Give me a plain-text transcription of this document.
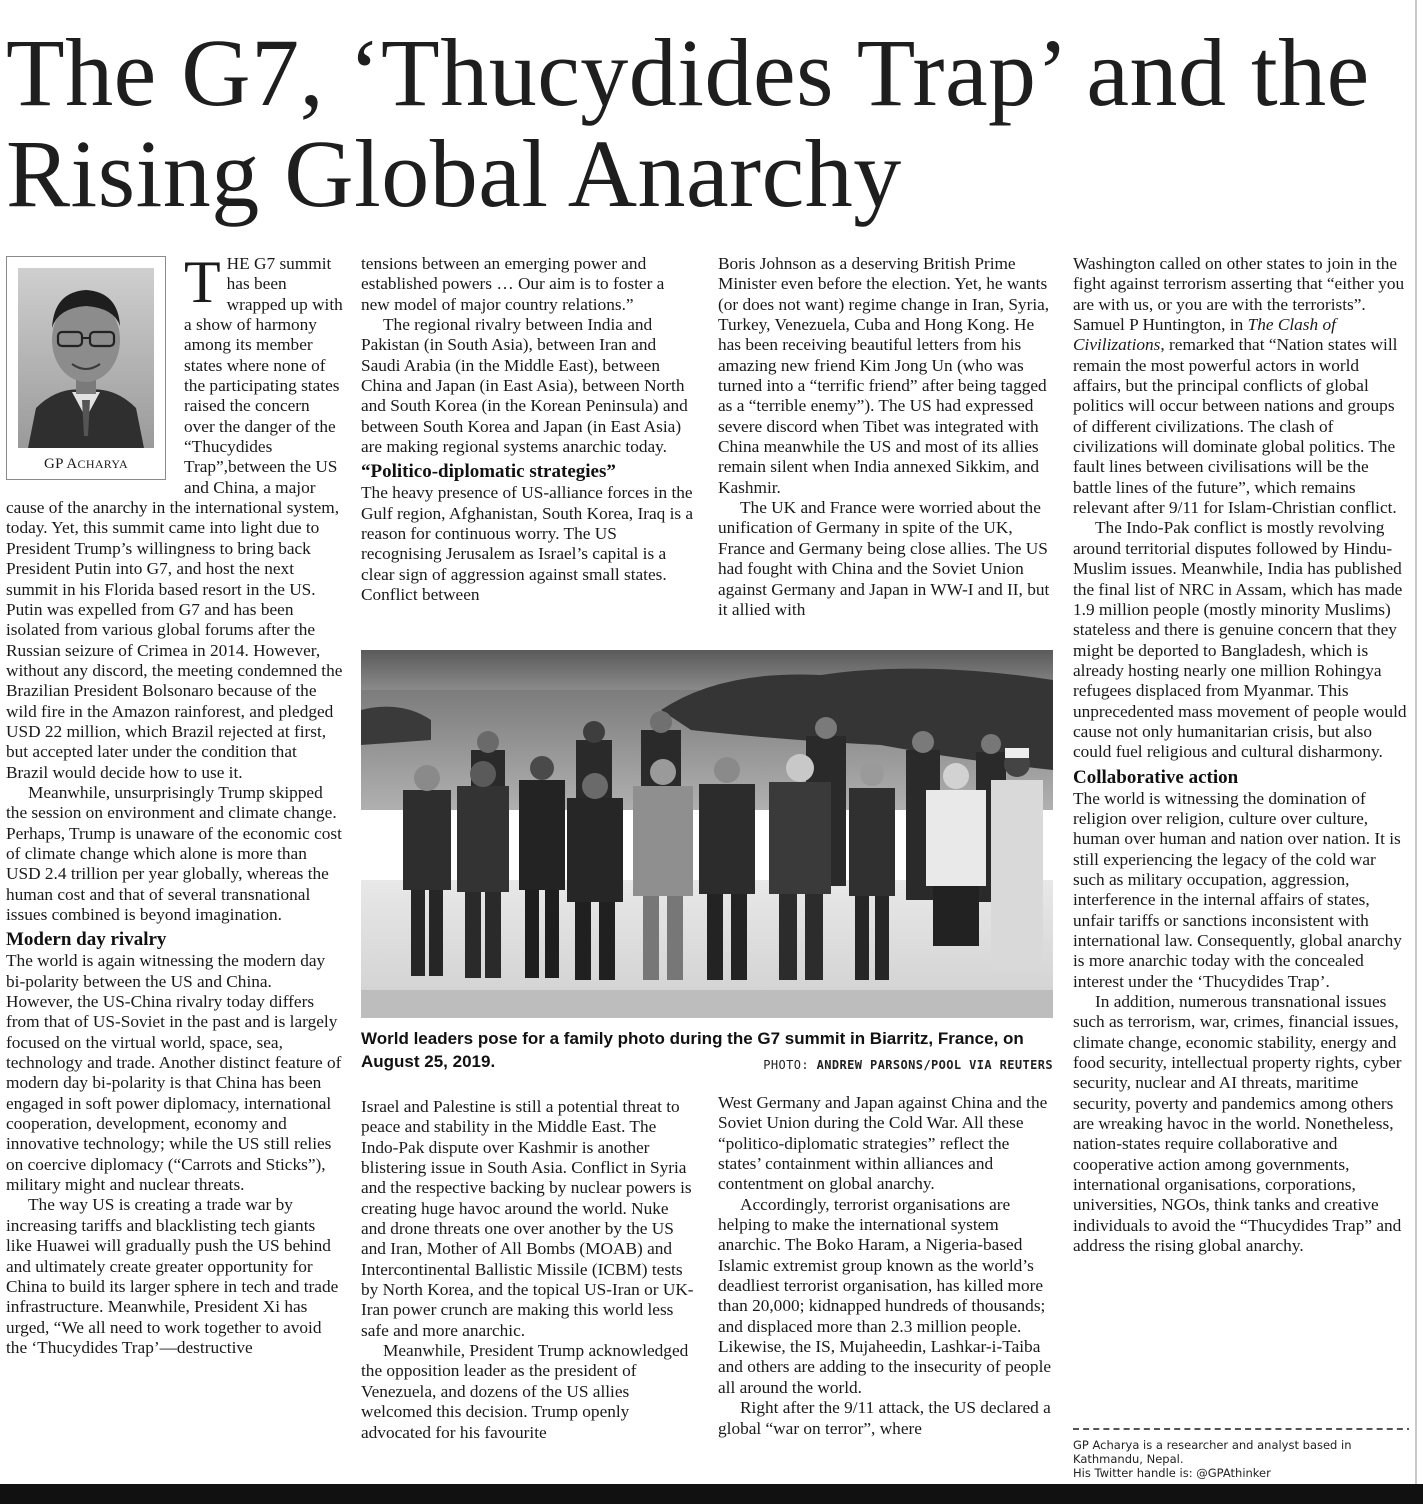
The G7, ‘Thucydides Trap’ and the
Rising Global Anarchy
GP ACHARYA
T HE G7 summit has been wrapped up with a show of harmony among its member states where none of the participating states raised the concern over the danger of the “Thucydides Trap”,between the US and China, a major cause of the anarchy in the international system, today. Yet, this summit came into light due to President Trump’s willingness to bring back President Putin into G7, and host the next summit in his Florida based resort in the US. Putin was expelled from G7 and has been isolated from various global forums after the Russian seizure of Crimea in 2014. However, without any discord, the meeting condemned the Brazilian President Bolsonaro because of the wild fire in the Amazon rainforest, and pledged USD 22 million, which Brazil rejected at first, but accepted later under the condition that Brazil would decide how to use it.

Meanwhile, unsurprisingly Trump skipped the session on environment and climate change. Perhaps, Trump is unaware of the economic cost of climate change which alone is more than USD 2.4 trillion per year globally, whereas the human cost and that of several transnational issues combined is beyond imagination.

Modern day rivalry

The world is again witnessing the modern day bi-polarity between the US and China. However, the US-China rivalry today differs from that of US-Soviet in the past and is largely focused on the virtual world, space, sea, technology and trade. Another distinct feature of modern day bi-polarity is that China has been engaged in soft power diplomacy, international cooperation, development, economy and innovative technology; while the US still relies on coercive diplomacy (“Carrots and Sticks”), military might and nuclear threats.

The way US is creating a trade war by increasing tariffs and blacklisting tech giants like Huawei will gradually push the US behind and ultimately create greater opportunity for China to build its larger sphere in tech and trade infrastructure. Meanwhile, President Xi has urged, “We all need to work together to avoid the ‘Thucydides Trap’—destructive

tensions between an emerging power and established powers … Our aim is to foster a new model of major country relations.”

The regional rivalry between India and Pakistan (in South Asia), between Iran and Saudi Arabia (in the Middle East), between China and Japan (in East Asia), between North and South Korea (in the Korean Peninsula) and between South Korea and Japan (in East Asia) are making regional systems anarchic today.

“Politico-diplomatic strategies”

The heavy presence of US-alliance forces in the Gulf region, Afghanistan, South Korea, Iraq is a reason for continuous worry. The US recognising Jerusalem as Israel’s capital is a clear sign of aggression against small states. Conflict between

Boris Johnson as a deserving British Prime Minister even before the election. Yet, he wants (or does not want) regime change in Iran, Syria, Turkey, Venezuela, Cuba and Hong Kong. He has been receiving beautiful letters from his amazing new friend Kim Jong Un (who was turned into a “terrific friend” after being tagged as a “terrible enemy”). The US had expressed severe discord when Tibet was integrated with China meanwhile the US and most of its allies remain silent when India annexed Sikkim, and Kashmir.

The UK and France were worried about the unification of Germany in spite of the UK, France and Germany being close allies. The US had fought with China and the Soviet Union against Germany and Japan in WW-I and II, but it allied with

World leaders pose for a family photo during the G7 summit in Biarritz, France, on August 25, 2019.	PHOTO: ANDREW PARSONS/POOL VIA REUTERS

Israel and Palestine is still a potential threat to peace and stability in the Middle East. The Indo-Pak dispute over Kashmir is another blistering issue in South Asia. Conflict in Syria and the respective backing by nuclear powers is creating huge havoc around the world. Nuke and drone threats one over another by the US and Iran, Mother of All Bombs (MOAB) and Intercontinental Ballistic Missile (ICBM) tests by North Korea, and the topical US-Iran or UK-Iran power crunch are making this world less safe and more anarchic.

Meanwhile, President Trump acknowledged the opposition leader as the president of Venezuela, and dozens of the US allies welcomed this decision. Trump openly advocated for his favourite

West Germany and Japan against China and the Soviet Union during the Cold War. All these “politico-diplomatic strategies” reflect the states’ containment within alliances and contentment on global anarchy.

Accordingly, terrorist organisations are helping to make the international system anarchic. The Boko Haram, a Nigeria-based Islamic extremist group known as the world’s deadliest terrorist organisation, has killed more than 20,000; kidnapped hundreds of thousands; and displaced more than 2.3 million people. Likewise, the IS, Mujaheedin, Lashkar-i-Taiba and others are adding to the insecurity of people all around the world.

Right after the 9/11 attack, the US declared a global “war on terror”, where

Washington called on other states to join in the fight against terrorism asserting that “either you are with us, or you are with the terrorists”. Samuel P Huntington, in The Clash of Civilizations, remarked that “Nation states will remain the most powerful actors in world affairs, but the principal conflicts of global politics will occur between nations and groups of different civilizations. The clash of civilizations will dominate global politics. The fault lines between civilisations will be the battle lines of the future”, which remains relevant after 9/11 for Islam-Christian conflict.

The Indo-Pak conflict is mostly revolving around territorial disputes followed by Hindu-Muslim issues. Meanwhile, India has published the final list of NRC in Assam, which has made 1.9 million people (mostly minority Muslims) stateless and there is genuine concern that they might be deported to Bangladesh, which is already hosting nearly one million Rohingya refugees displaced from Myanmar. This unprecedented mass movement of people would cause not only humanitarian crisis, but also could fuel religious and cultural disharmony.

Collaborative action

The world is witnessing the domination of religion over religion, culture over culture, human over human and nation over nation. It is still experiencing the legacy of the cold war such as military occupation, aggression, interference in the internal affairs of states, unfair tariffs or sanctions inconsistent with international law. Consequently, global anarchy is more anarchic today with the concealed interest under the ‘Thucydides Trap’.

In addition, numerous transnational issues such as terrorism, war, crimes, financial issues, climate change, economic stability, energy and food security, intellectual property rights, cyber security, nuclear and AI threats, maritime security, poverty and pandemics among others are wreaking havoc in the world. Nonetheless, nation-states require collaborative and cooperative action among governments, international organisations, corporations, universities, NGOs, think tanks and creative individuals to avoid the “Thucydides Trap” and address the rising global anarchy.

GP Acharya is a researcher and analyst based in Kathmandu, Nepal.
His Twitter handle is: @GPAthinker
